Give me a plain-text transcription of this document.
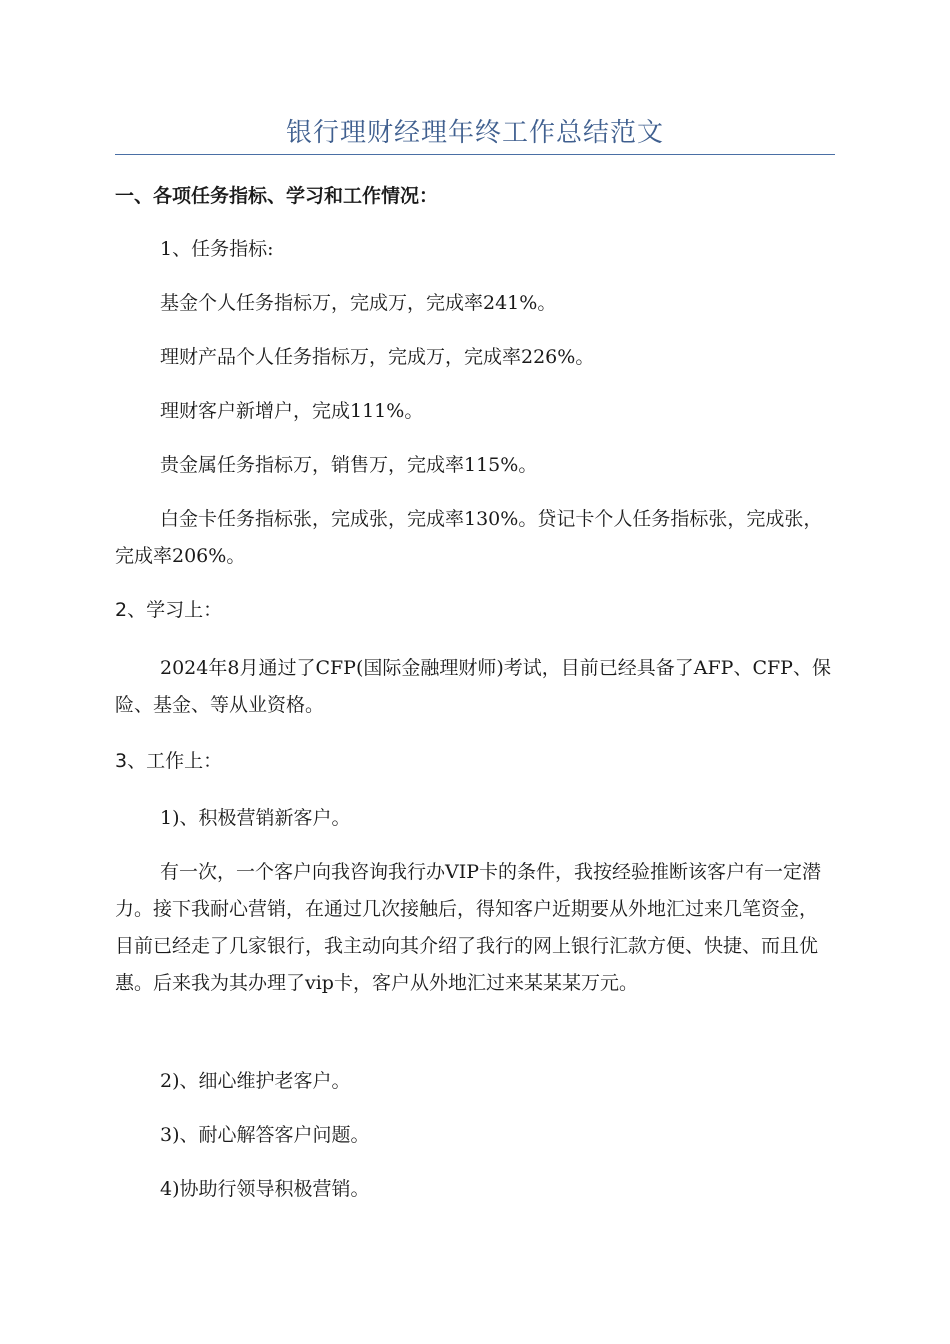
银行理财经理年终工作总结范文

一、各项任务指标、学习和工作情况：

1、任务指标:

基金个人任务指标万，完成万，完成率241%。

理财产品个人任务指标万，完成万，完成率226%。

理财客户新增户，完成111%。

贵金属任务指标万，销售万，完成率115%。

白金卡任务指标张，完成张，完成率130%。贷记卡个人任务指标张，完成张，完成率206%。

2、学习上：

2024年8月通过了CFP(国际金融理财师)考试，目前已经具备了AFP、CFP、保险、基金、等从业资格。

3、工作上：

1)、积极营销新客户。

有一次，一个客户向我咨询我行办VIP卡的条件，我按经验推断该客户有一定潜力。接下我耐心营销，在通过几次接触后，得知客户近期要从外地汇过来几笔资金，目前已经走了几家银行，我主动向其介绍了我行的网上银行汇款方便、快捷、而且优惠。后来我为其办理了vip卡，客户从外地汇过来某某某万元。

2)、细心维护老客户。

3)、耐心解答客户问题。

4)协助行领导积极营销。
